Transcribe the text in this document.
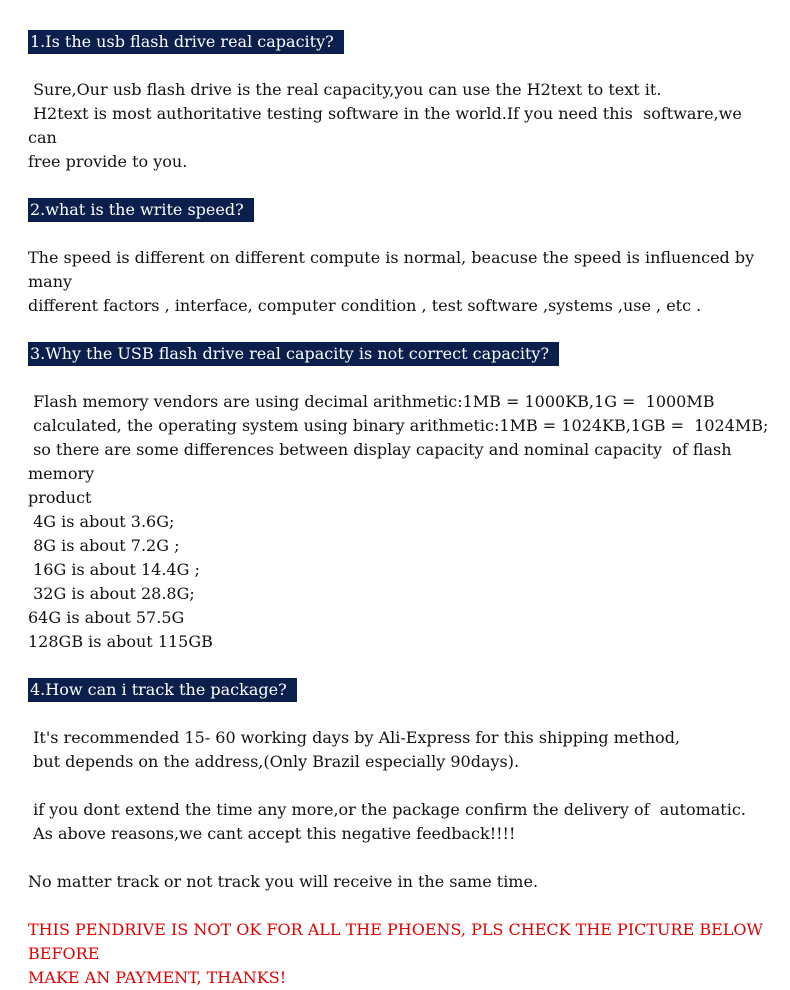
1.Is the usb flash drive real capacity?

Sure,Our usb flash drive is the real capacity,you can use the H2text to text it.

H2text is most authoritative testing software in the world.If you need this  software,we can

free provide to you.

2.what is the write speed?

The speed is different on different compute is normal, beacuse the speed is influenced by many

different factors , interface, computer condition , test software ,systems ,use , etc .

3.Why the USB flash drive real capacity is not correct capacity?

Flash memory vendors are using decimal arithmetic:1MB = 1000KB,1G =  1000MB

calculated, the operating system using binary arithmetic:1MB = 1024KB,1GB =  1024MB;

so there are some differences between display capacity and nominal capacity  of flash memory

product

4G is about 3.6G;

8G is about 7.2G ;

16G is about 14.4G ;

32G is about 28.8G;

64G is about 57.5G

128GB is about 115GB

4.How can i track the package?

It's recommended 15- 60 working days by Ali-Express for this shipping method,

but depends on the address,(Only Brazil especially 90days).

if you dont extend the time any more,or the package confirm the delivery of  automatic.

As above reasons,we cant accept this negative feedback!!!!

No matter track or not track you will receive in the same time.

THIS PENDRIVE IS NOT OK FOR ALL THE PHOENS, PLS CHECK THE PICTURE BELOW BEFORE

MAKE AN PAYMENT, THANKS!
